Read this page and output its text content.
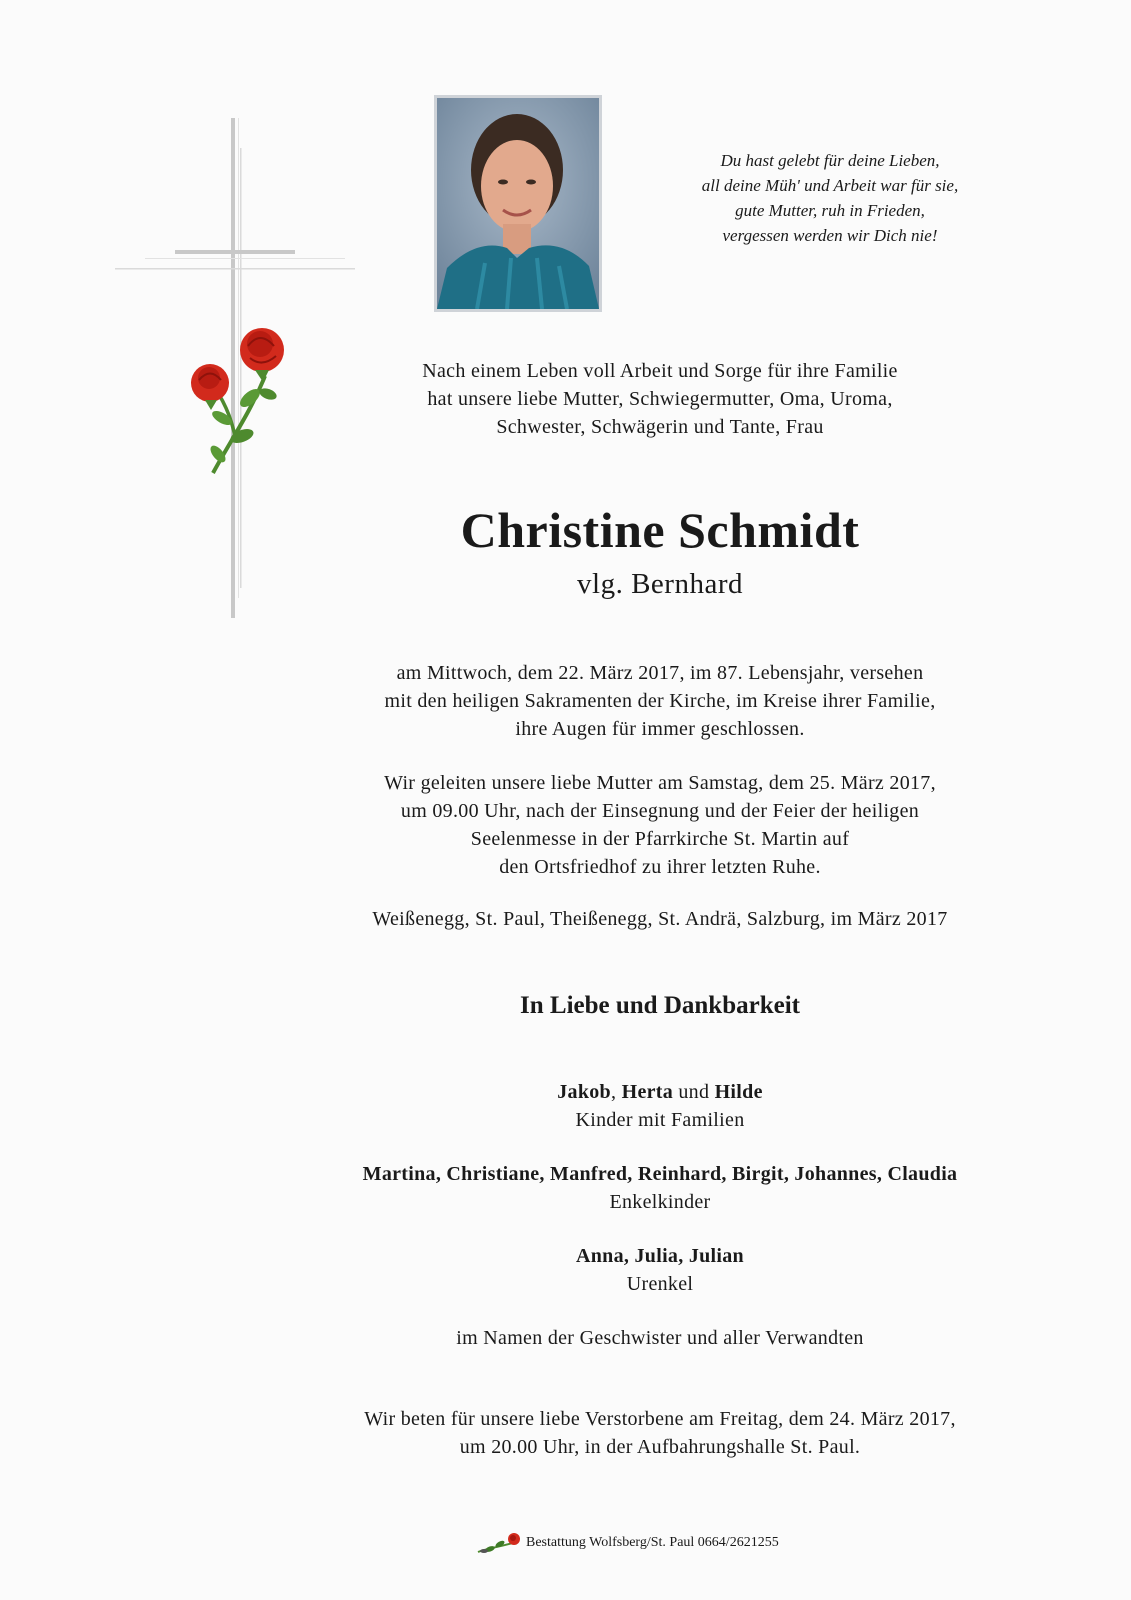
Du hast gelebt für deine Lieben,
all deine Müh' und Arbeit war für sie,
gute Mutter, ruh in Frieden,
vergessen werden wir Dich nie!
Nach einem Leben voll Arbeit und Sorge für ihre Familie
hat unsere liebe Mutter, Schwiegermutter, Oma, Uroma,
Schwester, Schwägerin und Tante, Frau
Christine Schmidt
vlg. Bernhard
am Mittwoch, dem 22. März 2017, im 87. Lebensjahr, versehen
mit den heiligen Sakramenten der Kirche, im Kreise ihrer Familie,
ihre Augen für immer geschlossen.
Wir geleiten unsere liebe Mutter am Samstag, dem 25. März 2017,
um 09.00 Uhr, nach der Einsegnung und der Feier der heiligen
Seelenmesse in der Pfarrkirche St. Martin auf
den Ortsfriedhof zu ihrer letzten Ruhe.
Weißenegg, St. Paul, Theißenegg, St. Andrä, Salzburg, im März 2017
In Liebe und Dankbarkeit
Jakob, Herta und Hilde
Kinder mit Familien
Martina, Christiane, Manfred, Reinhard, Birgit, Johannes, Claudia
Enkelkinder
Anna, Julia, Julian
Urenkel
im Namen der Geschwister und aller Verwandten
Wir beten für unsere liebe Verstorbene am Freitag, dem 24. März 2017,
um 20.00 Uhr, in der Aufbahrungshalle St. Paul.
Bestattung Wolfsberg/St. Paul 0664/2621255
